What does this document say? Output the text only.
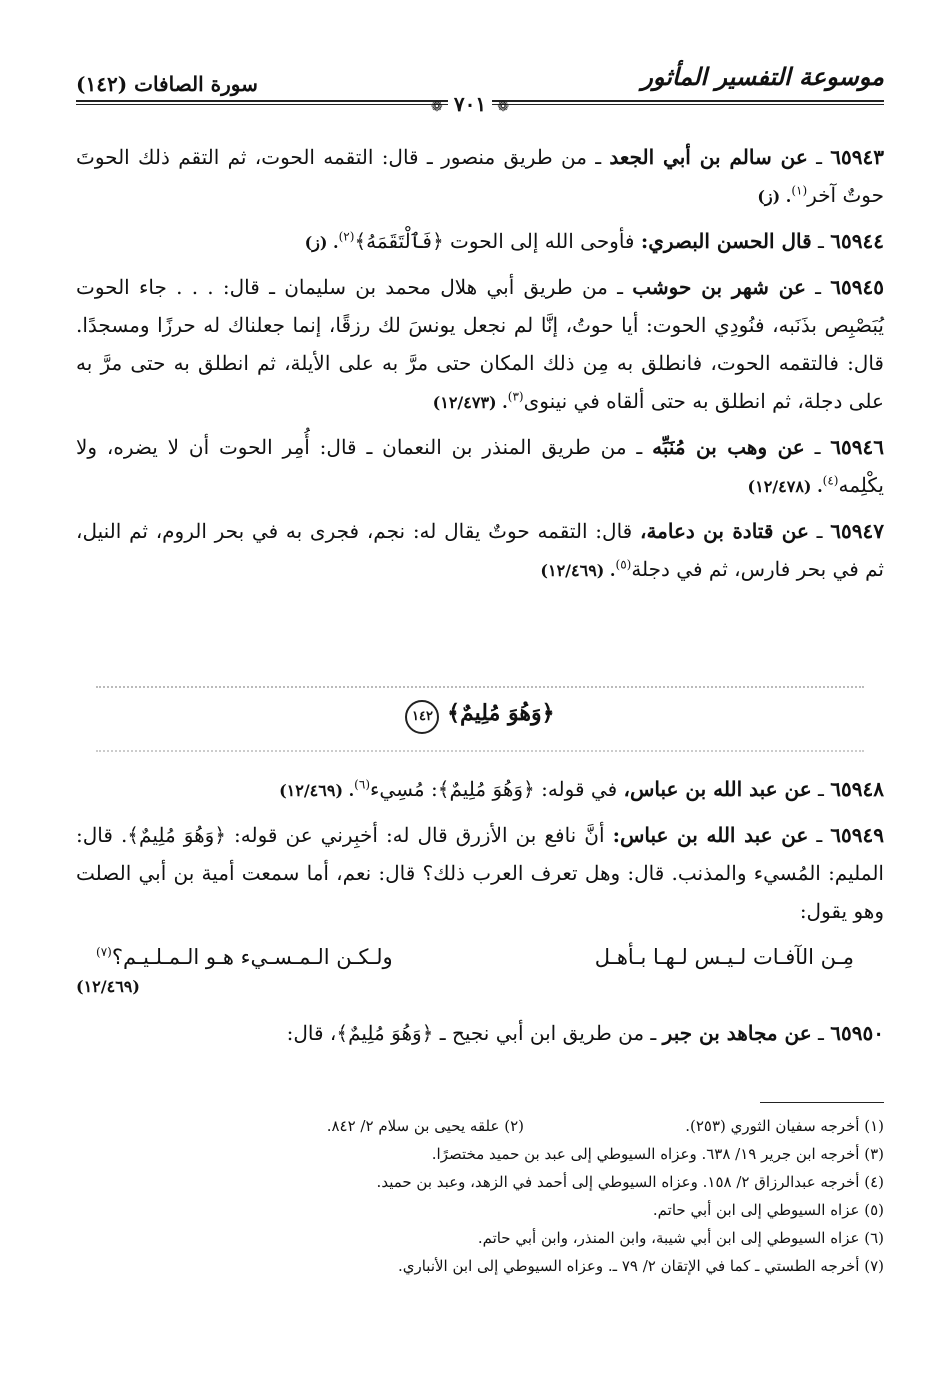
سورة الصافات (١٤٢)	موسوعة التفسير المأثور
❁ ٧٠١ ❁

٦٥٩٤٣ ـ عن سالم بن أبي الجعد ـ من طريق منصور ـ قال: التقمه الحوت، ثم التقم ذلك الحوتَ حوتٌ آخر$^{(١)}$. (ز)

٦٥٩٤٤ ـ قال الحسن البصري: فأوحى الله إلى الحوت ﴿فَٱلْتَقَمَهُ﴾$^{(٢)}$. (ز)

٦٥٩٤٥ ـ عن شهر بن حوشب ـ من طريق أبي هلال محمد بن سليمان ـ قال: . . . جاء الحوت يُبَصْبِص بذَنَبه، فنُودِي الحوت: أيا حوتُ، إنَّا لم نجعل يونسَ لك رزقًا، إنما جعلناك له حرزًا ومسجدًا. قال: فالتقمه الحوت، فانطلق به مِن ذلك المكان حتى مرَّ به على الأيلة، ثم انطلق به حتى مرَّ به على دجلة، ثم انطلق به حتى ألقاه في نينوى$^{(٣)}$. (١٢/٤٧٣)

٦٥٩٤٦ ـ عن وهب بن مُنَبِّه ـ من طريق المنذر بن النعمان ـ قال: أُمِر الحوت أن لا يضره، ولا يكْلِمه$^{(٤)}$. (١٢/٤٧٨)

٦٥٩٤٧ ـ عن قتادة بن دعامة، قال: التقمه حوتٌ يقال له: نجم، فجرى به في بحر الروم، ثم النيل، ثم في بحر فارس، ثم في دجلة$^{(٥)}$. (١٢/٤٦٩)

﴿وَهُوَ مُلِيمٌ﴾ ١٤٢

٦٥٩٤٨ ـ عن عبد الله بن عباس، في قوله: ﴿وَهُوَ مُلِيمٌ﴾: مُسِيء$^{(٦)}$. (١٢/٤٦٩)

٦٥٩٤٩ ـ عن عبد الله بن عباس: أنَّ نافع بن الأزرق قال له: أخبِرني عن قوله: ﴿وَهُوَ مُلِيمٌ﴾. قال: المليم: المُسيء والمذنب. قال: وهل تعرف العرب ذلك؟ قال: نعم، أما سمعت أمية بن أبي الصلت وهو يقول:

مِـن الآفـات لـيـس لـهـا بـأهـل
ولـكـن الـمـسـيء هـو الـمـلـيـم؟$^{(٧)}$
(١٢/٤٦٩)

٦٥٩٥٠ ـ عن مجاهد بن جبر ـ من طريق ابن أبي نجيح ـ ﴿وَهُوَ مُلِيمٌ﴾، قال:

(١) أخرجه سفيان الثوري (٢٥٣).
(٢) علقه يحيى بن سلام ٢/ ٨٤٢.
(٣) أخرجه ابن جرير ١٩/ ٦٣٨. وعزاه السيوطي إلى عبد بن حميد مختصرًا.
(٤) أخرجه عبدالرزاق ٢/ ١٥٨. وعزاه السيوطي إلى أحمد في الزهد، وعبد بن حميد.
(٥) عزاه السيوطي إلى ابن أبي حاتم.
(٦) عزاه السيوطي إلى ابن أبي شيبة، وابن المنذر، وابن أبي حاتم.
(٧) أخرجه الطستي ـ كما في الإتقان ٢/ ٧٩ ـ. وعزاه السيوطي إلى ابن الأنباري.
